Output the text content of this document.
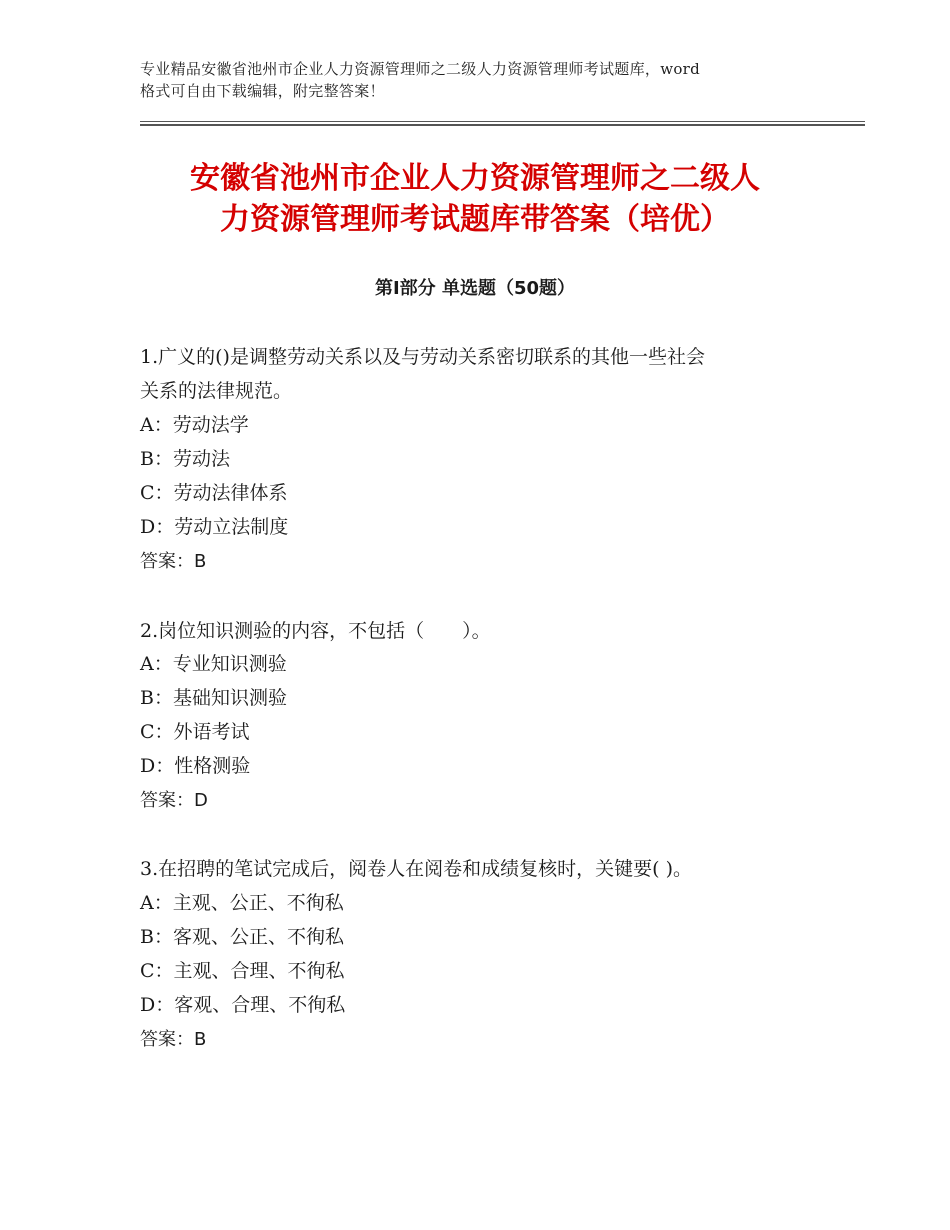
专业精品安徽省池州市企业人力资源管理师之二级人力资源管理师考试题库，word
格式可自由下载编辑，附完整答案！
安徽省池州市企业人力资源管理师之二级人
力资源管理师考试题库带答案（培优）
第Ⅰ部分 单选题（50题）
1.广义的()是调整劳动关系以及与劳动关系密切联系的其他一些社会
关系的法律规范。
A：劳动法学
B：劳动法
C：劳动法律体系
D：劳动立法制度
答案：B
2.岗位知识测验的内容，不包括（　　）。
A：专业知识测验
B：基础知识测验
C：外语考试
D：性格测验
答案：D
3.在招聘的笔试完成后，阅卷人在阅卷和成绩复核时，关键要( )。
A：主观、公正、不徇私
B：客观、公正、不徇私
C：主观、合理、不徇私
D：客观、合理、不徇私
答案：B
